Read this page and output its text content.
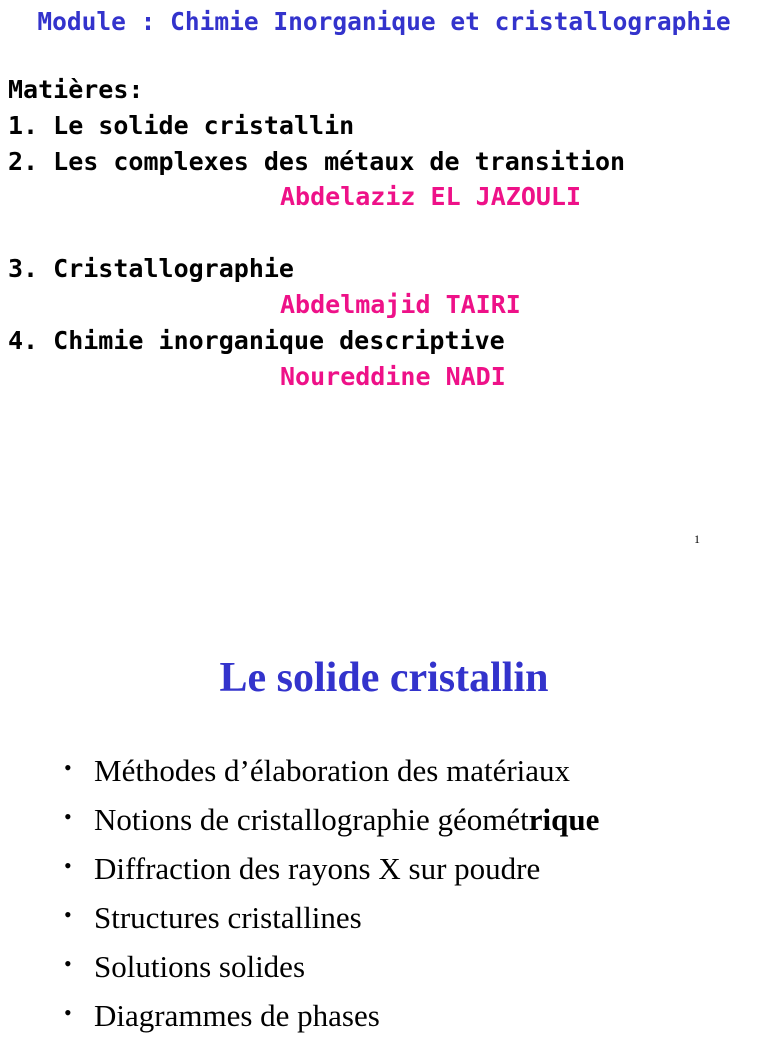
Module : Chimie Inorganique et cristallographie
Matières:
1. Le solide cristallin
2. Les complexes des métaux de transition
Abdelaziz EL JAZOULI
3. Cristallographie
Abdelmajid TAIRI
4. Chimie inorganique descriptive
Noureddine NADI
1
Le solide cristallin
• Méthodes d’élaboration des matériaux
• Notions de cristallographie géométrique
• Diffraction des rayons X sur poudre
• Structures cristallines
• Solutions solides
• Diagrammes de phases
